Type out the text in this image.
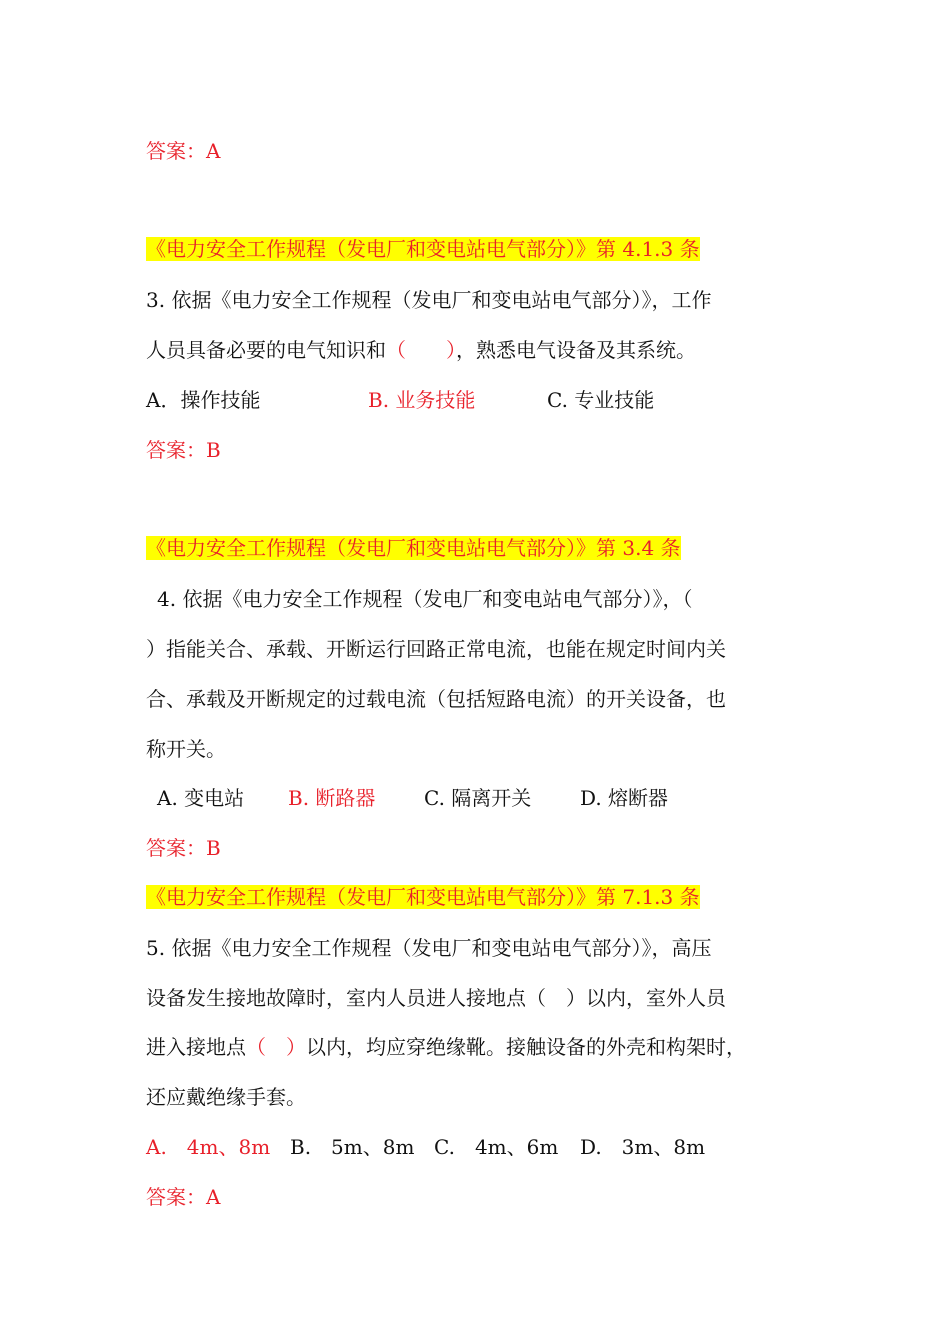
答案：A
《电力安全工作规程（发电厂和变电站电气部分）》第 4.1.3 条
3. 依据《电力安全工作规程（发电厂和变电站电气部分）》，工作
人员具备必要的电气知识和（　　），熟悉电气设备及其系统。
A．操作技能	B. 业务技能	C. 专业技能
答案：B
《电力安全工作规程（发电厂和变电站电气部分）》第 3.4 条
4. 依据《电力安全工作规程（发电厂和变电站电气部分）》，（
）指能关合、承载、开断运行回路正常电流，也能在规定时间内关
合、承载及开断规定的过载电流（包括短路电流）的开关设备，也
称开关。
A. 变电站 B. 断路器 C. 隔离开关 D. 熔断器
答案：B
《电力安全工作规程（发电厂和变电站电气部分）》第 7.1.3 条
5. 依据《电力安全工作规程（发电厂和变电站电气部分）》，高压
设备发生接地故障时，室内人员进人接地点（　）以内，室外人员
进入接地点（　）以内，均应穿绝缘靴。接触设备的外壳和构架时，
还应戴绝缘手套。
A.　4m、8m B.　5m、8m C.　4m、6m D.　3m、8m
答案：A
